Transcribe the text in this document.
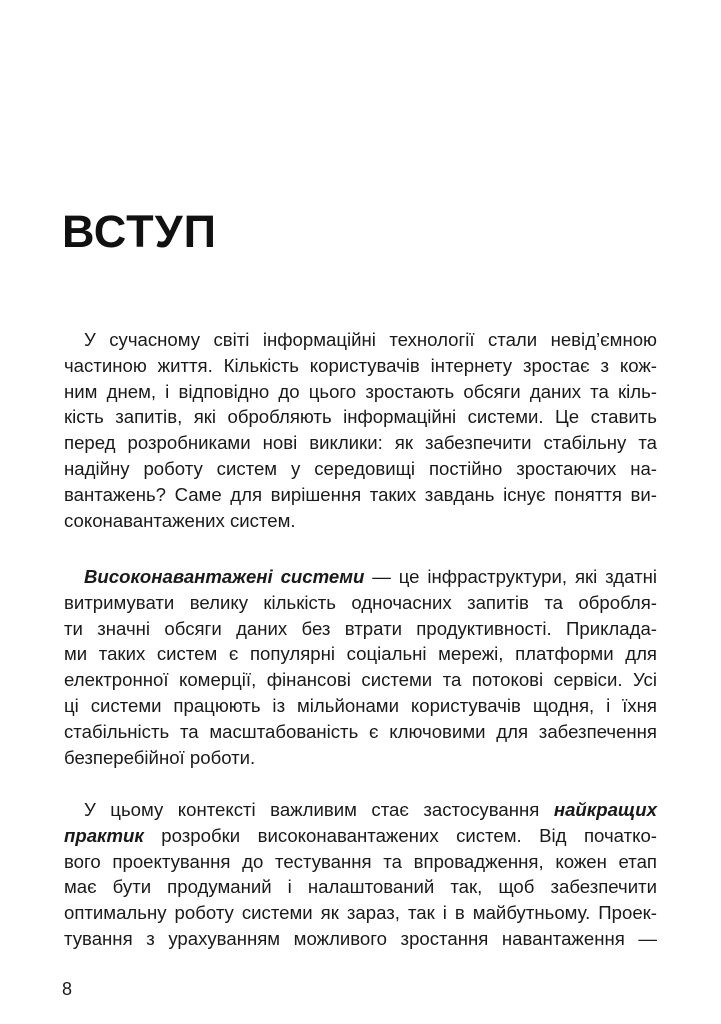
ВСТУП
У сучасному світі інформаційні технології стали невід’ємною
частиною життя. Кількість користувачів інтернету зростає з кож-
ним днем, і відповідно до цього зростають обсяги даних та кіль-
кість запитів, які обробляють інформаційні системи. Це ставить
перед розробниками нові виклики: як забезпечити стабільну та
надійну роботу систем у середовищі постійно зростаючих на-
вантажень? Саме для вирішення таких завдань існує поняття ви-
соконавантажених систем.
Високонавантажені системи — це інфраструктури, які здатні
витримувати велику кількість одночасних запитів та обробля-
ти значні обсяги даних без втрати продуктивності. Приклада-
ми таких систем є популярні соціальні мережі, платформи для
електронної комерції, фінансові системи та потокові сервіси. Усі
ці системи працюють із мільйонами користувачів щодня, і їхня
стабільність та масштабованість є ключовими для забезпечення
безперебійної роботи.
У цьому контексті важливим стає застосування найкращих
практик розробки високонавантажених систем. Від початко-
вого проектування до тестування та впровадження, кожен етап
має бути продуманий і налаштований так, щоб забезпечити
оптимальну роботу системи як зараз, так і в майбутньому. Проек-
тування з урахуванням можливого зростання навантаження —
8
